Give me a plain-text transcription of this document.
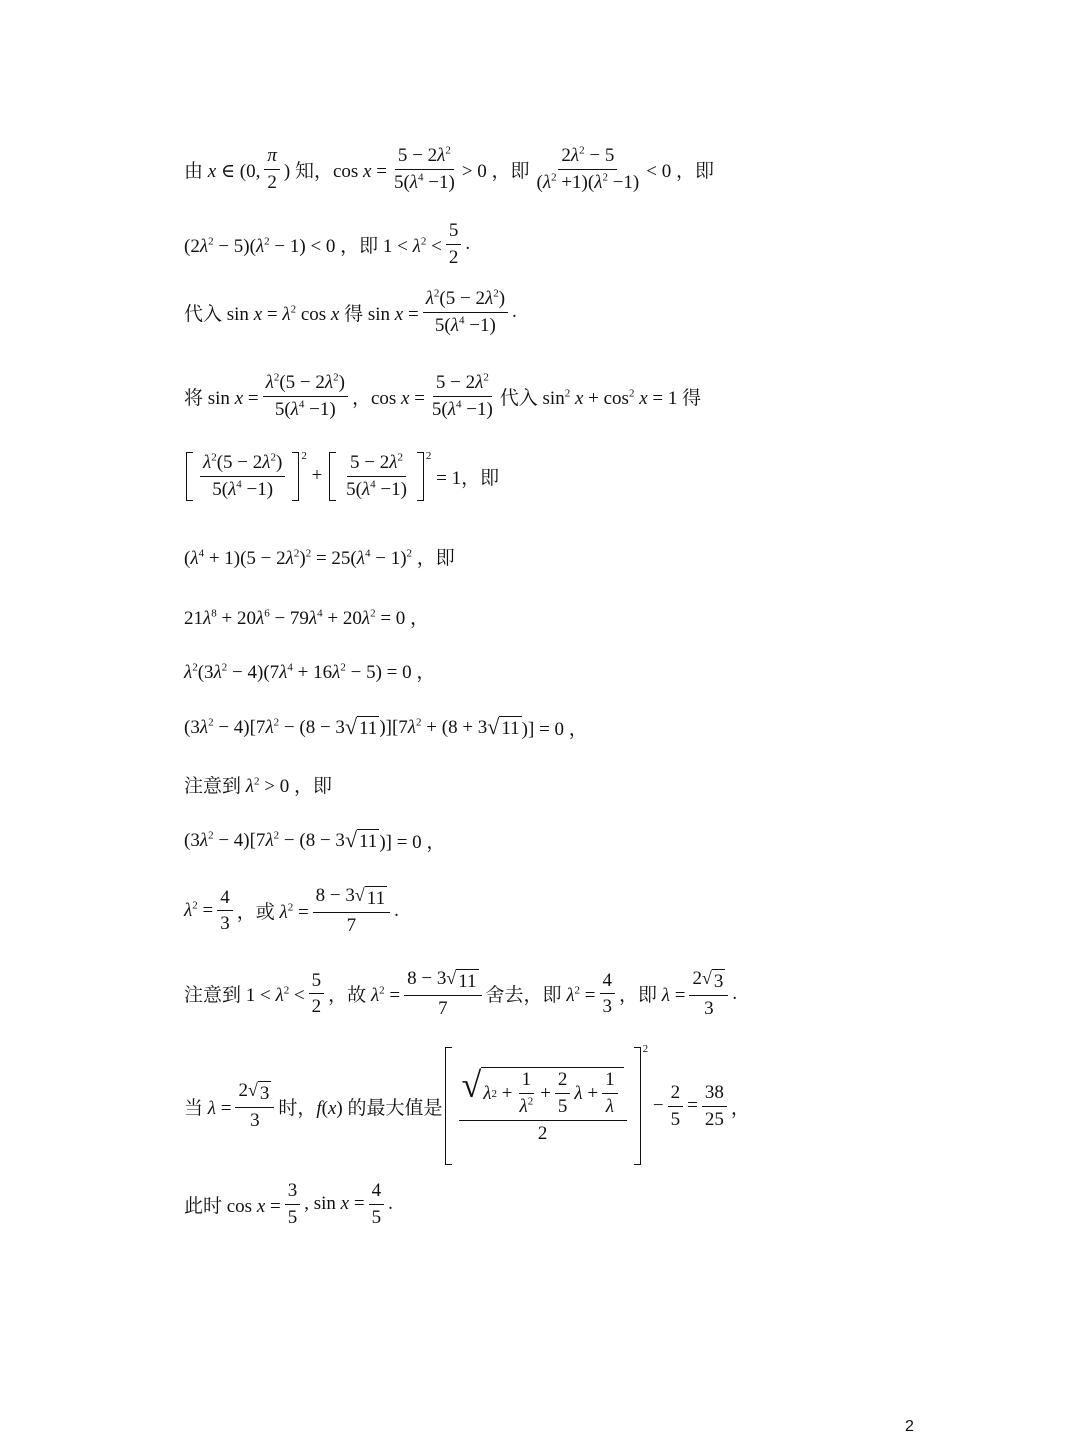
由 x ∈ (0, $\frac{\pi}{2}$ ) 知，$\cos x = \frac{5 - 2\lambda^2}{5(\lambda^4 -1)} > 0$ ，即 $\frac{2\lambda^2 - 5}{(\lambda^2 +1)(\lambda^2 -1)} < 0$ ，即
$(2\lambda^2 - 5)(\lambda^2 - 1) < 0$ ，即 $1 < \lambda^2 < \frac{5}{2}$ .
代入 $\sin x = \lambda^2$ cos x 得 $\sin x = \frac{\lambda^2(5 - 2\lambda^2)}{5(\lambda^4 -1)}$ .
将 $\sin x = \frac{\lambda^2(5 - 2\lambda^2)}{5(\lambda^4 -1)}$ ，$\cos x = \frac{5 - 2\lambda^2}{5(\lambda^4 -1)}$ 代入 $\sin^2 x + \cos^2 x = 1$ 得
$\frac{\lambda^2(5 - 2\lambda^2)}{5(\lambda^4 -1)} 2$
+ $\frac{5 - 2\lambda^2}{5(\lambda^4 -1)} 2$
= 1，即
$(\lambda^4 + 1)(5 - 2\lambda^2)^2 = 25(\lambda^4 - 1)^2$ ，即
$21\lambda^8 + 20\lambda^6 - 79\lambda^4 + 20\lambda^2 = 0$ ，
$\lambda^2(3\lambda^2 - 4)(7\lambda^4 + 16\lambda^2 - 5) = 0$ ，
$(3\lambda^2 - 4)[7\lambda^2 - (8 - 3$ √ 11 )][$7\lambda^2 + (8 + 3$ √ 11 )] = 0 ，
注意到 $\lambda^2 > 0$ ，即
$(3\lambda^2 - 4)[7\lambda^2 - (8 - 3$ √ 11 )] = 0 ，
$\lambda^2 = \frac{4}{3}$ ，或 $\lambda^2 = \frac{8 - 3 √ 11}{7}$ .
注意到 $1 < \lambda^2 < \frac{5}{2}$ ，故 $\lambda^2 = \frac{8 - 3 √ 11}{7}$ 舍去，即 $\lambda^2 = \frac{4}{3}$ ，即 $\lambda = \frac{2 √ 3}{3}$ .
当 $\lambda = \frac{2 √ 3}{3}$ 时，f(x) 的最大值是 $\frac{√ \lambda 2 + \frac{1}{\lambda^2} + \frac{2}{5} \lambda + \frac{1}{\lambda}}{2} 2$
− $\frac{2}{5} = \frac{38}{25}$ ，
此时 $\cos x = \frac{3}{5}$ , $\sin x = \frac{4}{5}$ .
2
